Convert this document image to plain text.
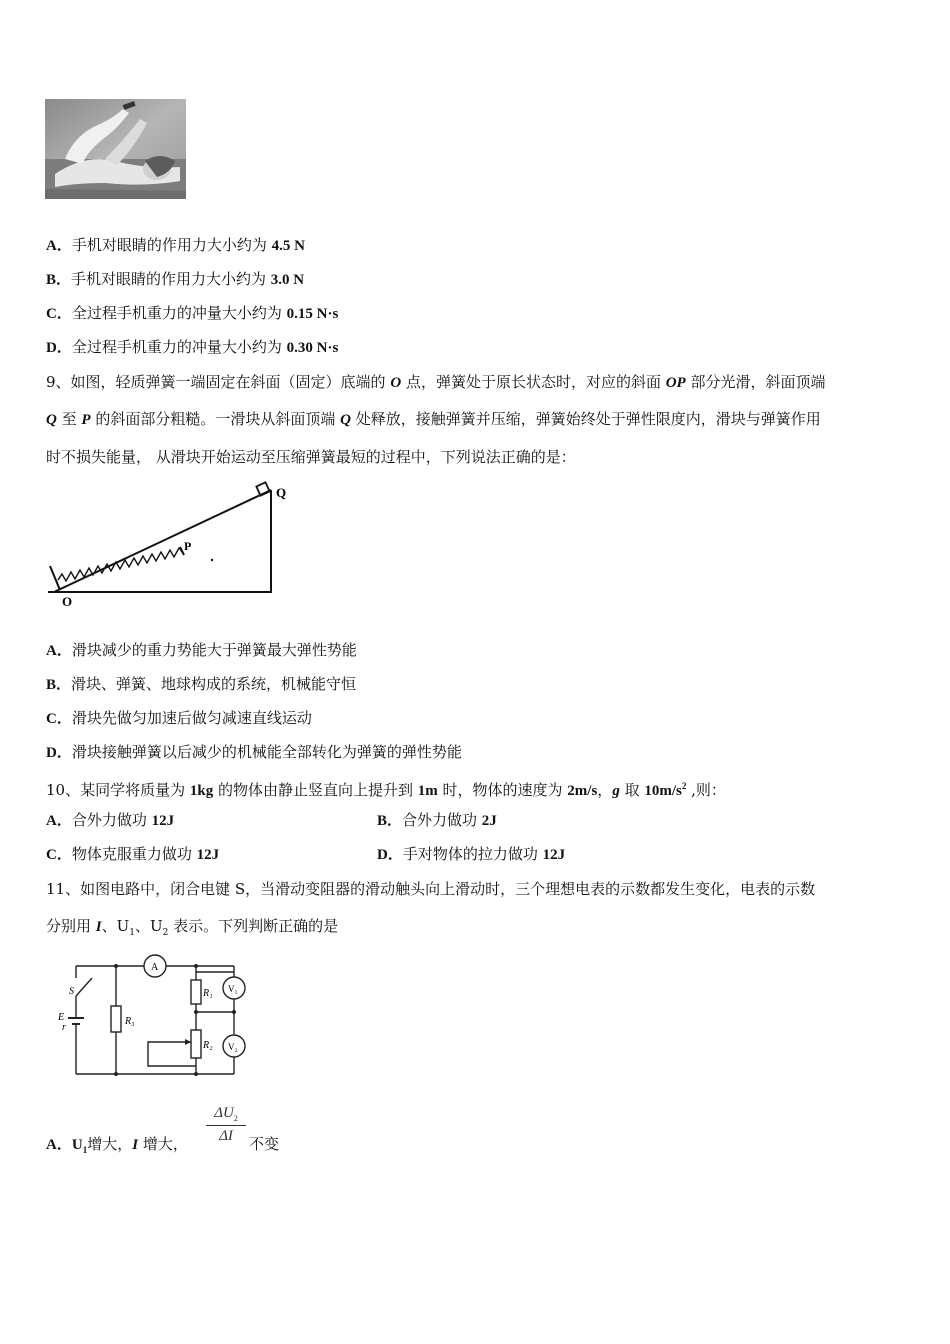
A．手机对眼睛的作用力大小约为 4.5 N
B．手机对眼睛的作用力大小约为 3.0 N
C．全过程手机重力的冲量大小约为 0.15 N·s
D．全过程手机重力的冲量大小约为 0.30 N·s
9、如图，轻质弹簧一端固定在斜面（固定）底端的 O 点，弹簧处于原长状态时，对应的斜面 OP 部分光滑，斜面顶端
Q 至 P 的斜面部分粗糙。一滑块从斜面顶端 Q 处释放，接触弹簧并压缩，弹簧始终处于弹性限度内，滑块与弹簧作用
时不损失能量， 从滑块开始运动至压缩弹簧最短的过程中，下列说法正确的是：
Q
P
O
A．滑块减少的重力势能大于弹簧最大弹性势能
B．滑块、弹簧、地球构成的系统，机械能守恒
C．滑块先做匀加速后做匀减速直线运动
D．滑块接触弹簧以后减少的机械能全部转化为弹簧的弹性势能
10、某同学将质量为 1kg 的物体由静止竖直向上提升到 1m 时，物体的速度为 2m/s，g 取 $10m/s^2$ ,则：
A．合外力做功 12J	B．合外力做功 2J
C．物体克服重力做功 12J	D．手对物体的拉力做功 12J
11、如图电路中，闭合电键 S，当滑动变阻器的滑动触头向上滑动时，三个理想电表的示数都发生变化，电表的示数
分别用 I、$U_1$、$U_2$ 表示。下列判断正确的是
S
E
r
R₃
R₁
R₂
A
V₁
V₂
A．$U_1$增大，I 增大， $\frac{\Delta U_2}{\Delta I}$ 不变
